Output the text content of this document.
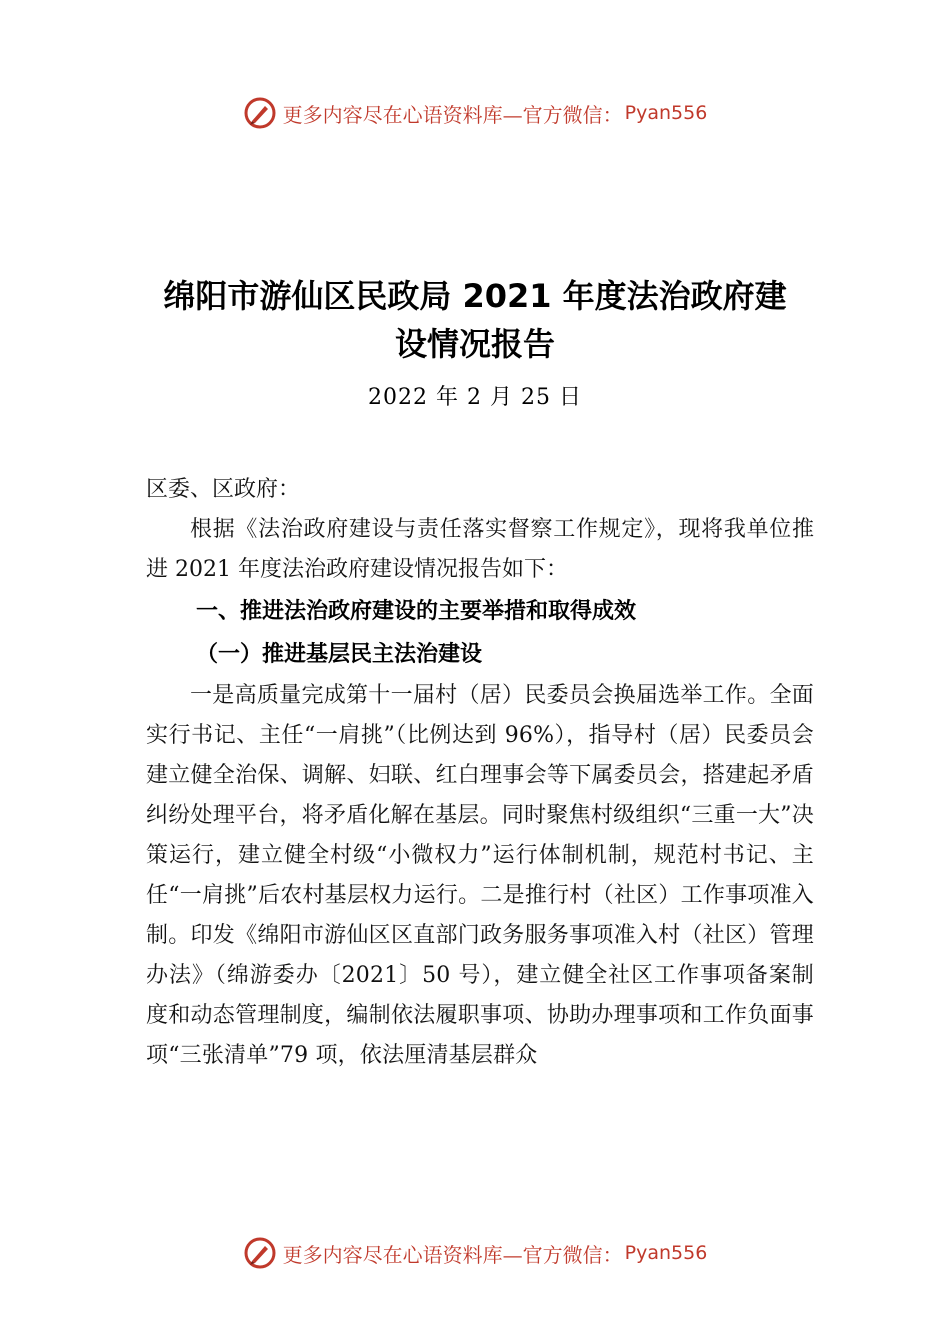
更多内容尽在心语资料库—官方微信： Pyan556
绵阳市游仙区民政局 2021 年度法治政府建
设情况报告
2022 年 2 月 25 日
区委、区政府：
根据《法治政府建设与责任落实督察工作规定》，现将我单位推进 2021 年度法治政府建设情况报告如下：
一、推进法治政府建设的主要举措和取得成效
（一）推进基层民主法治建设
一是高质量完成第十一届村（居）民委员会换届选举工作。全面实行书记、主任“一肩挑”（比例达到 96%），指导村（居）民委员会建立健全治保、调解、妇联、红白理事会等下属委员会，搭建起矛盾纠纷处理平台，将矛盾化解在基层。同时聚焦村级组织“三重一大”决策运行，建立健全村级“小微权力”运行体制机制，规范村书记、主任“一肩挑”后农村基层权力运行。二是推行村（社区）工作事项准入制。印发《绵阳市游仙区区直部门政务服务事项准入村（社区）管理办法》（绵游委办〔2021〕50 号），建立健全社区工作事项备案制度和动态管理制度，编制依法履职事项、协助办理事项和工作负面事项“三张清单”79 项，依法厘清基层群众
更多内容尽在心语资料库—官方微信： Pyan556
